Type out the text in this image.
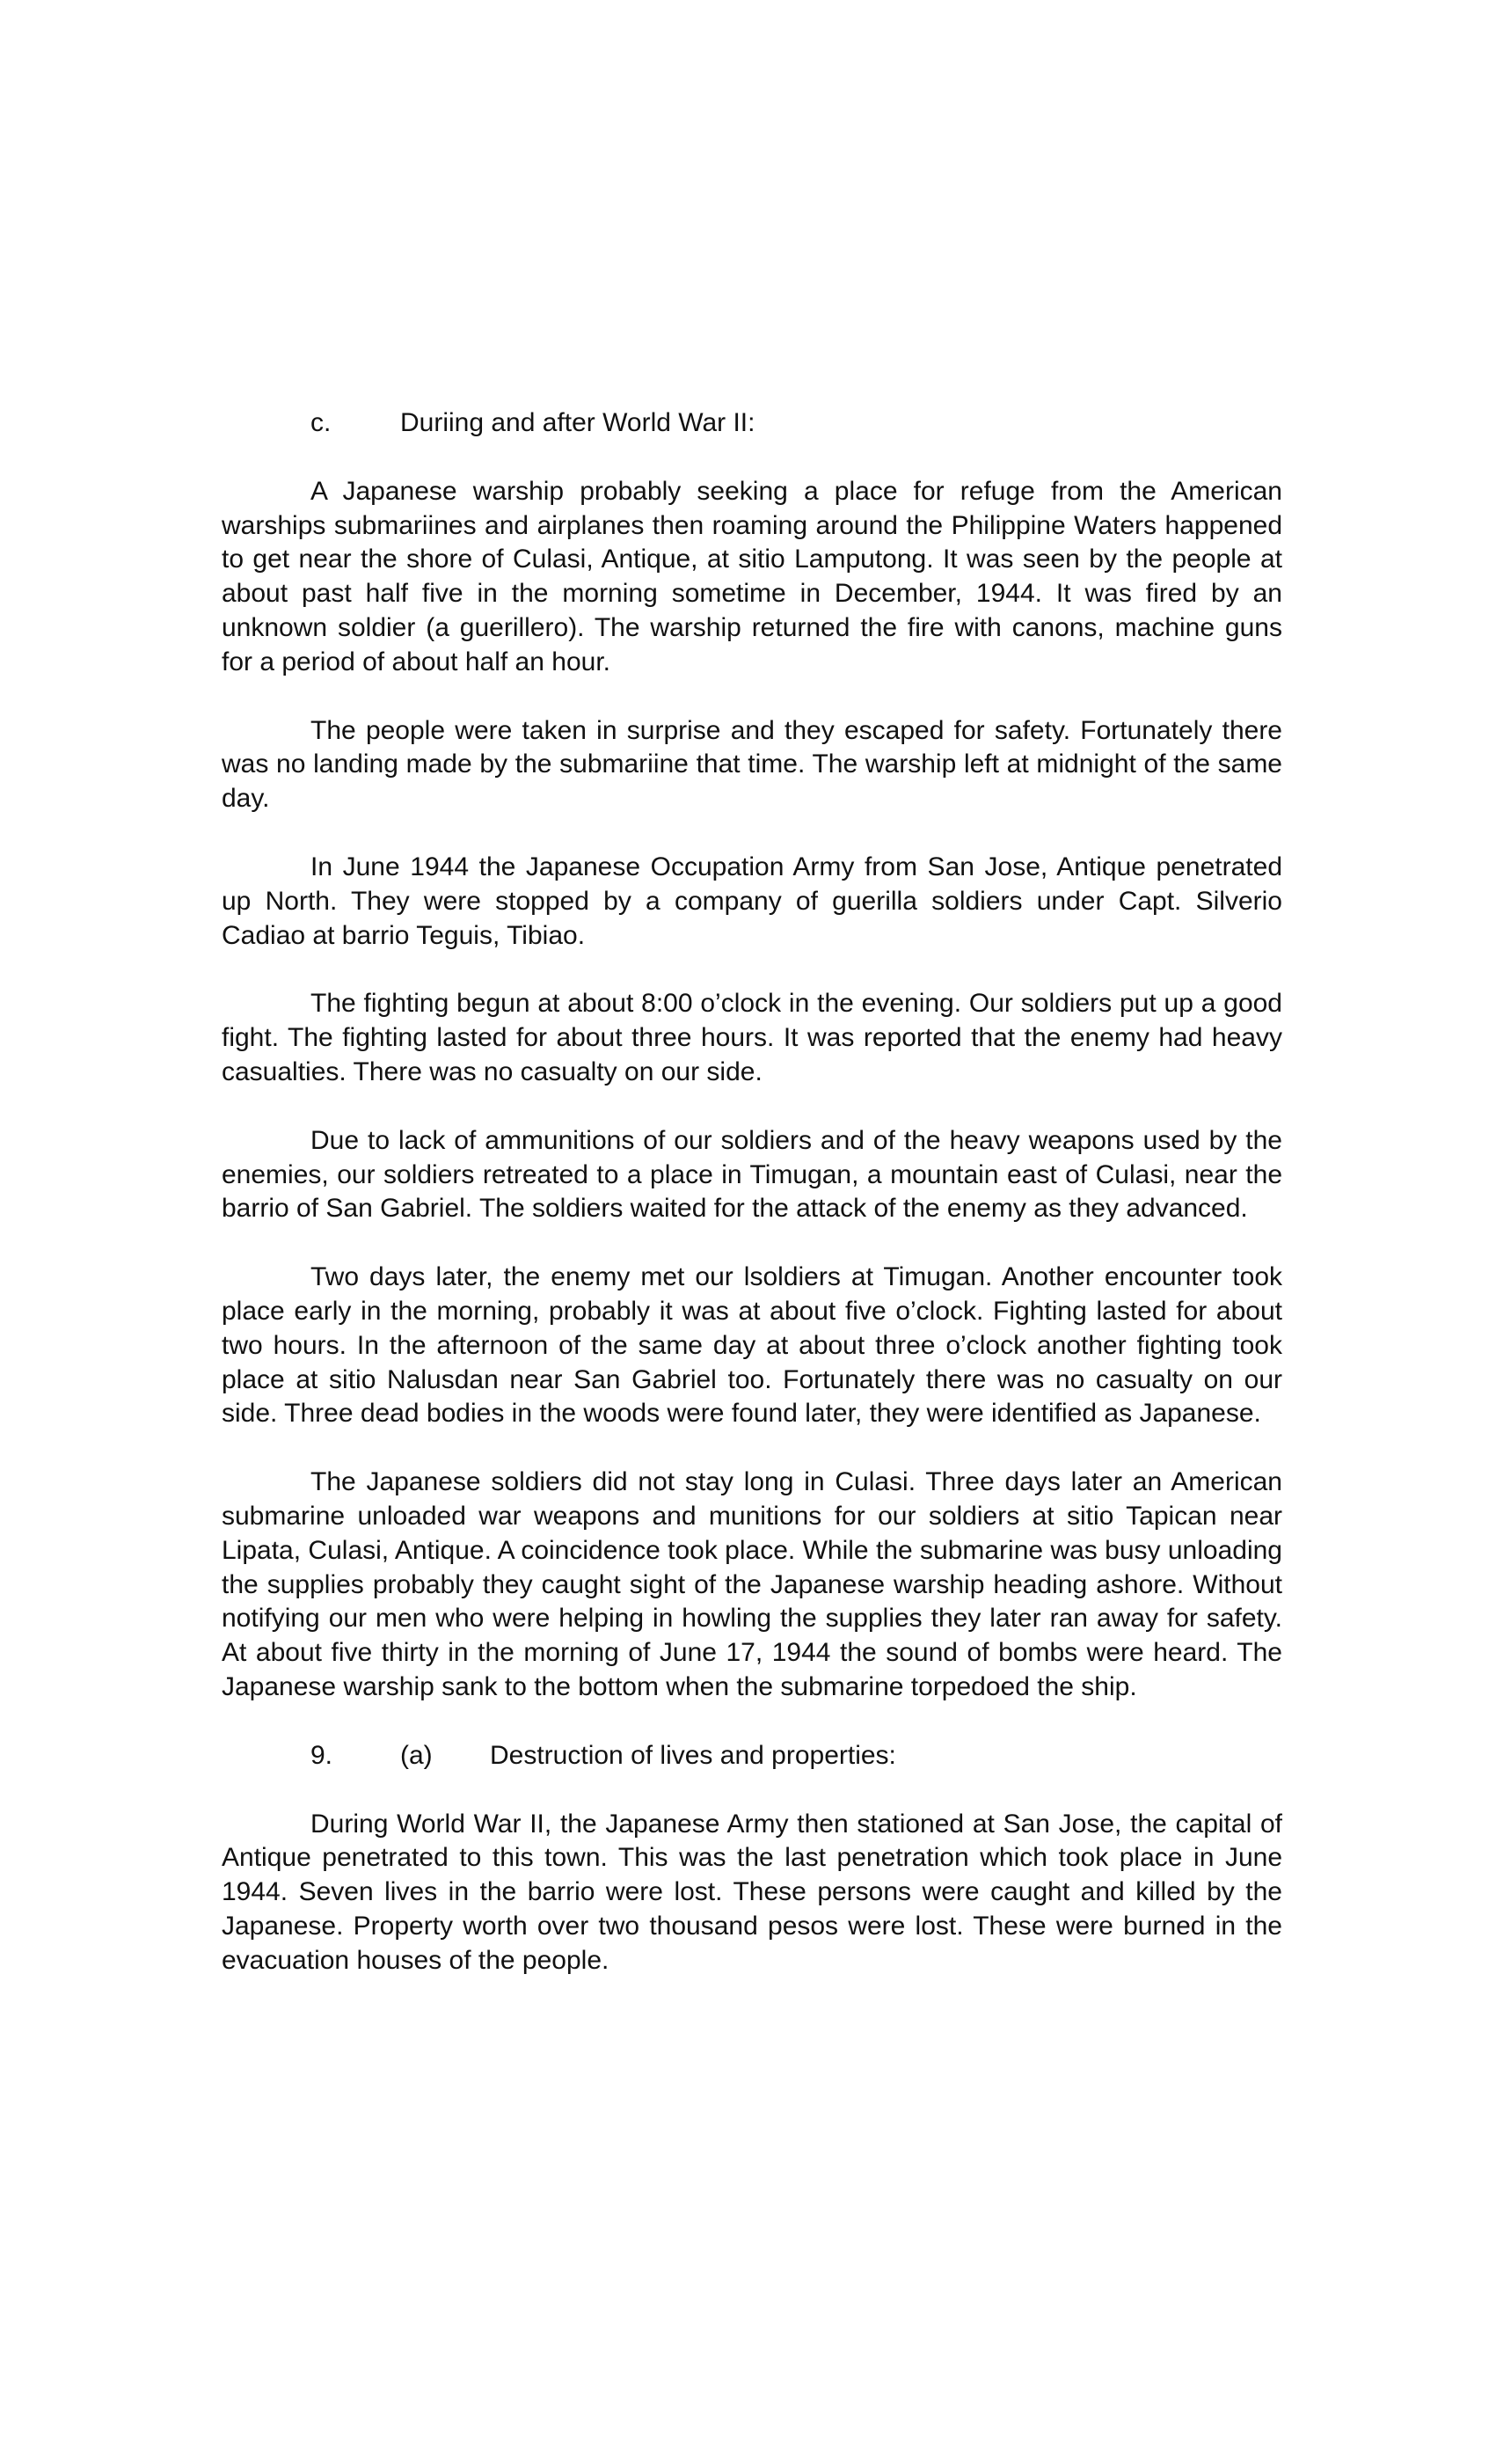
c.	Duriing and after World War II:

A Japanese warship probably seeking a place for refuge from the American warships submariines and airplanes then roaming around the Philippine Waters happened to get near the shore of Culasi, Antique, at sitio Lamputong. It was seen by the people at about past half five in the morning sometime in December, 1944. It was fired by an unknown soldier (a guerillero). The warship returned the fire with canons, machine guns for a period of about half an hour.

The people were taken in surprise and they escaped for safety. Fortunately there was no landing made by the submariine that time. The warship left at midnight of the same day.

In June 1944 the Japanese Occupation Army from San Jose, Antique penetrated up North. They were stopped by a company of guerilla soldiers under Capt. Silverio Cadiao at barrio Teguis, Tibiao.

The fighting begun at about 8:00 o’clock in the evening. Our soldiers put up a good fight. The fighting lasted for about three hours. It was reported that the enemy had heavy casualties. There was no casualty on our side.

Due to lack of ammunitions of our soldiers and of the heavy weapons used by the enemies, our soldiers retreated to a place in Timugan, a mountain east of Culasi, near the barrio of San Gabriel. The soldiers waited for the attack of the enemy as they advanced.

Two days later, the enemy met our lsoldiers at Timugan. Another encounter took place early in the morning, probably it was at about five o’clock. Fighting lasted for about two hours. In the afternoon of the same day at about three o’clock another fighting took place at sitio Nalusdan near San Gabriel too. Fortunately there was no casualty on our side. Three dead bodies in the woods were found later, they were identified as Japanese.

The Japanese soldiers did not stay long in Culasi. Three days later an American submarine unloaded war weapons and munitions for our soldiers at sitio Tapican near Lipata, Culasi, Antique. A coincidence took place. While the submarine was busy unloading the supplies probably they caught sight of the Japanese warship heading ashore. Without notifying our men who were helping in howling the supplies they later ran away for safety. At about five thirty in the morning of June 17, 1944 the sound of bombs were heard. The Japanese warship sank to the bottom when the submarine torpedoed the ship.

9.	(a) Destruction of lives and properties:

During World War II, the Japanese Army then stationed at San Jose, the capital of Antique penetrated to this town. This was the last penetration which took place in June 1944. Seven lives in the barrio were lost. These persons were caught and killed by the Japanese. Property worth over two thousand pesos were lost. These were burned in the evacuation houses of the people.
